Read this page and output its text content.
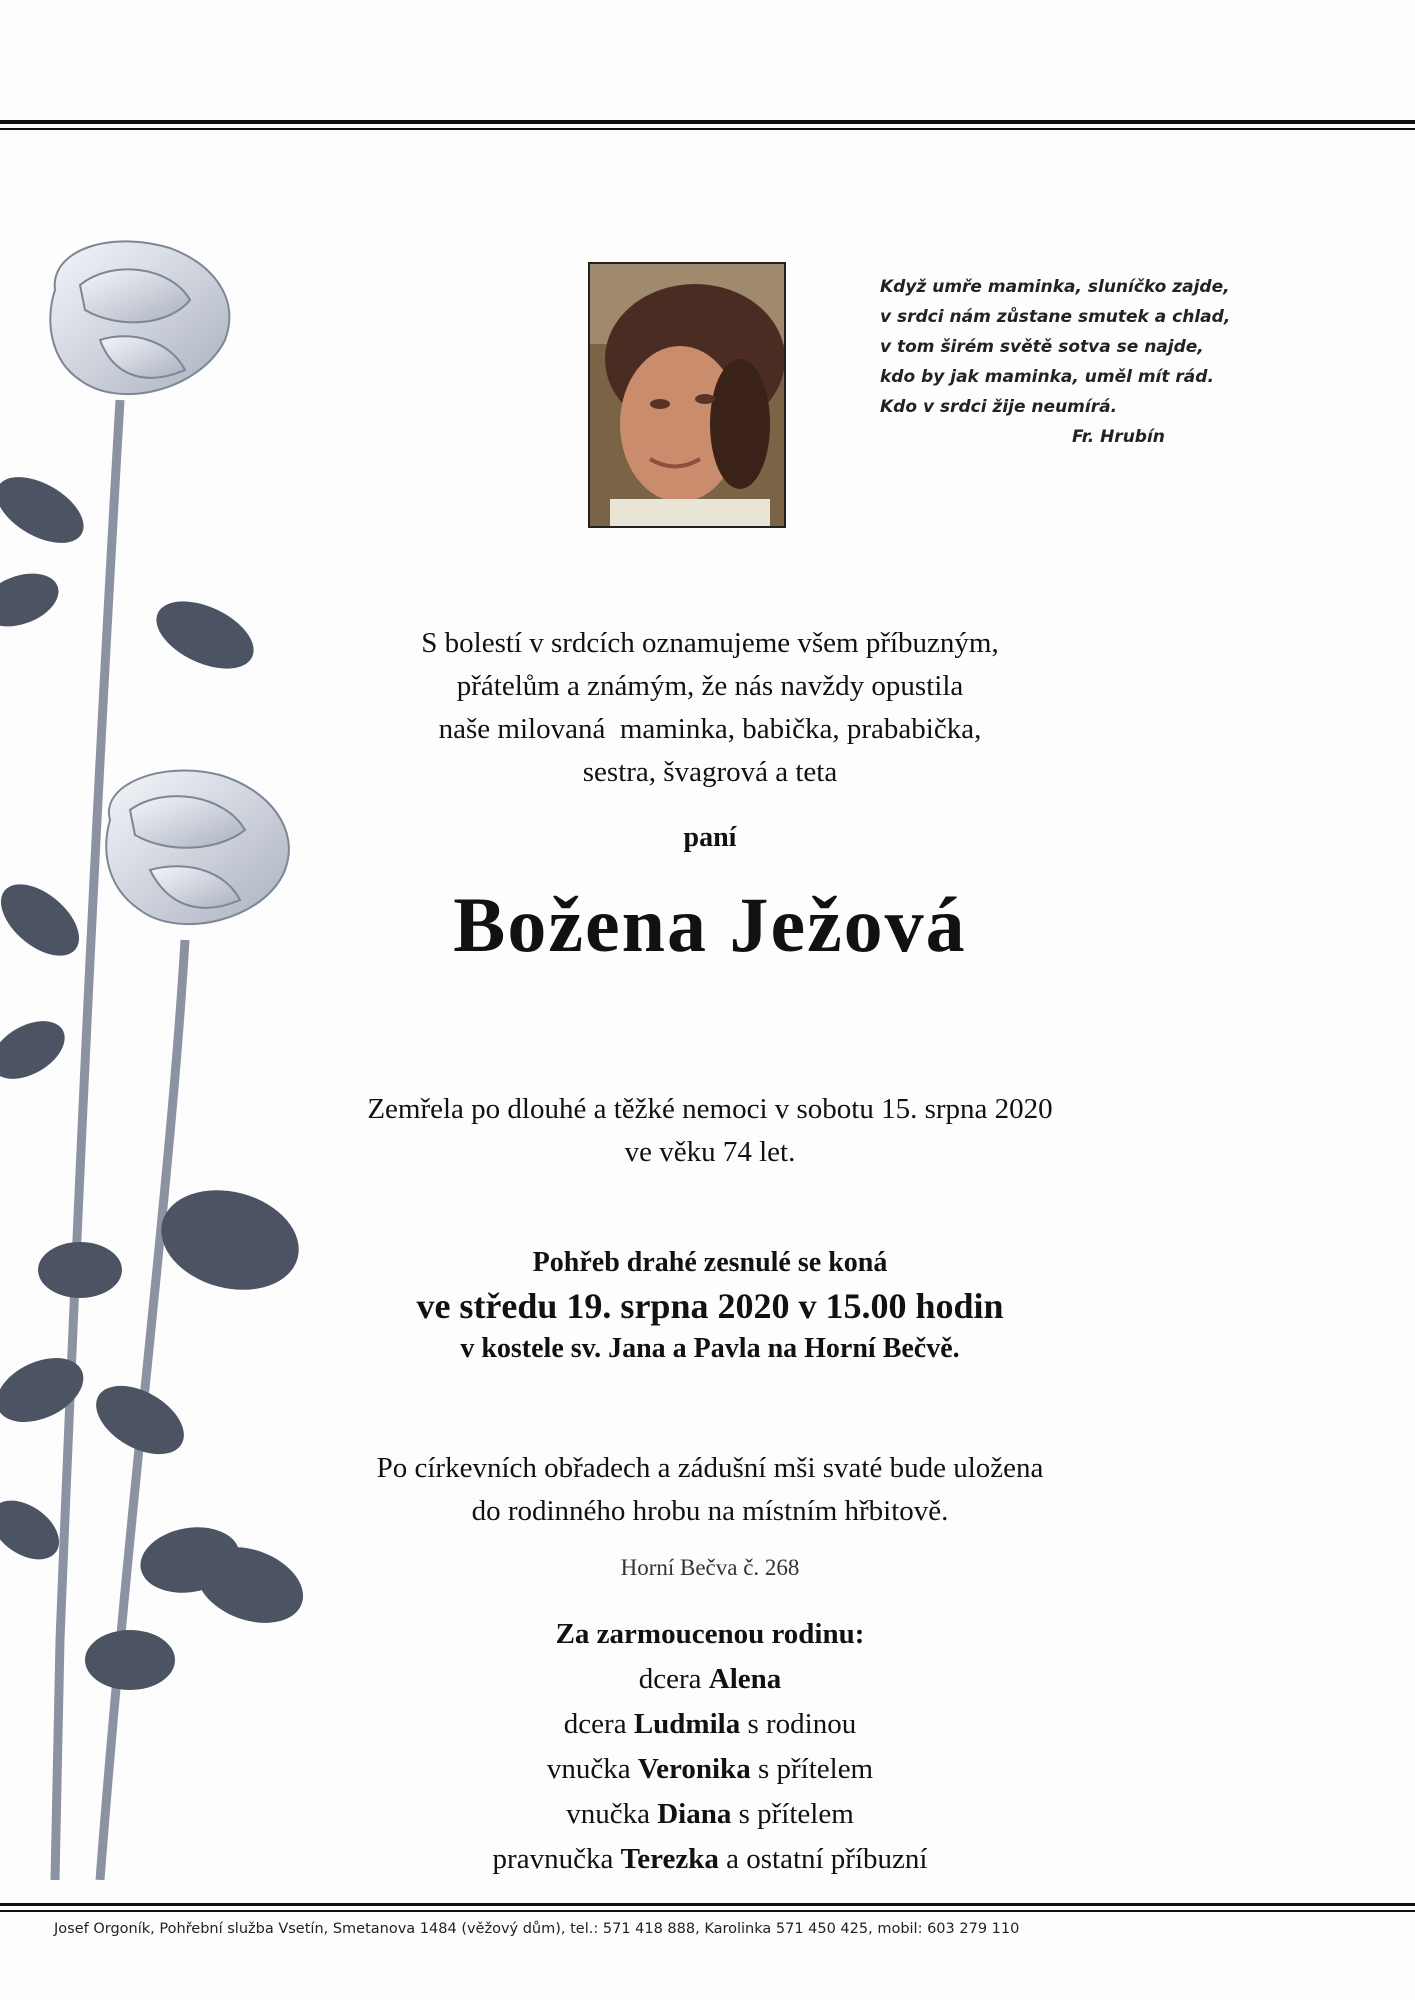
Když umře maminka, sluníčko zajde,
v srdci nám zůstane smutek a chlad,
v tom širém světě sotva se najde,
kdo by jak maminka, uměl mít rád.
Kdo v srdci žije neumírá.
Fr. Hrubín
S bolestí v srdcích oznamujeme všem příbuzným,
přátelům a známým, že nás navždy opustila
naše milovaná  maminka, babička, prababička,
sestra, švagrová a teta
paní
Božena Ježová
Zemřela po dlouhé a těžké nemoci v sobotu 15. srpna 2020
ve věku 74 let.
Pohřeb drahé zesnulé se koná
ve středu 19. srpna 2020 v 15.00 hodin
v kostele sv. Jana a Pavla na Horní Bečvě.
Po církevních obřadech a zádušní mši svaté bude uložena
do rodinného hrobu na místním hřbitově.
Horní Bečva č. 268
Za zarmoucenou rodinu:
dcera Alena
dcera Ludmila s rodinou
vnučka Veronika s přítelem
vnučka Diana s přítelem
pravnučka Terezka a ostatní příbuzní
Josef Orgoník, Pohřební služba Vsetín, Smetanova 1484 (věžový dům), tel.: 571 418 888, Karolinka 571 450 425, mobil: 603 279 110
